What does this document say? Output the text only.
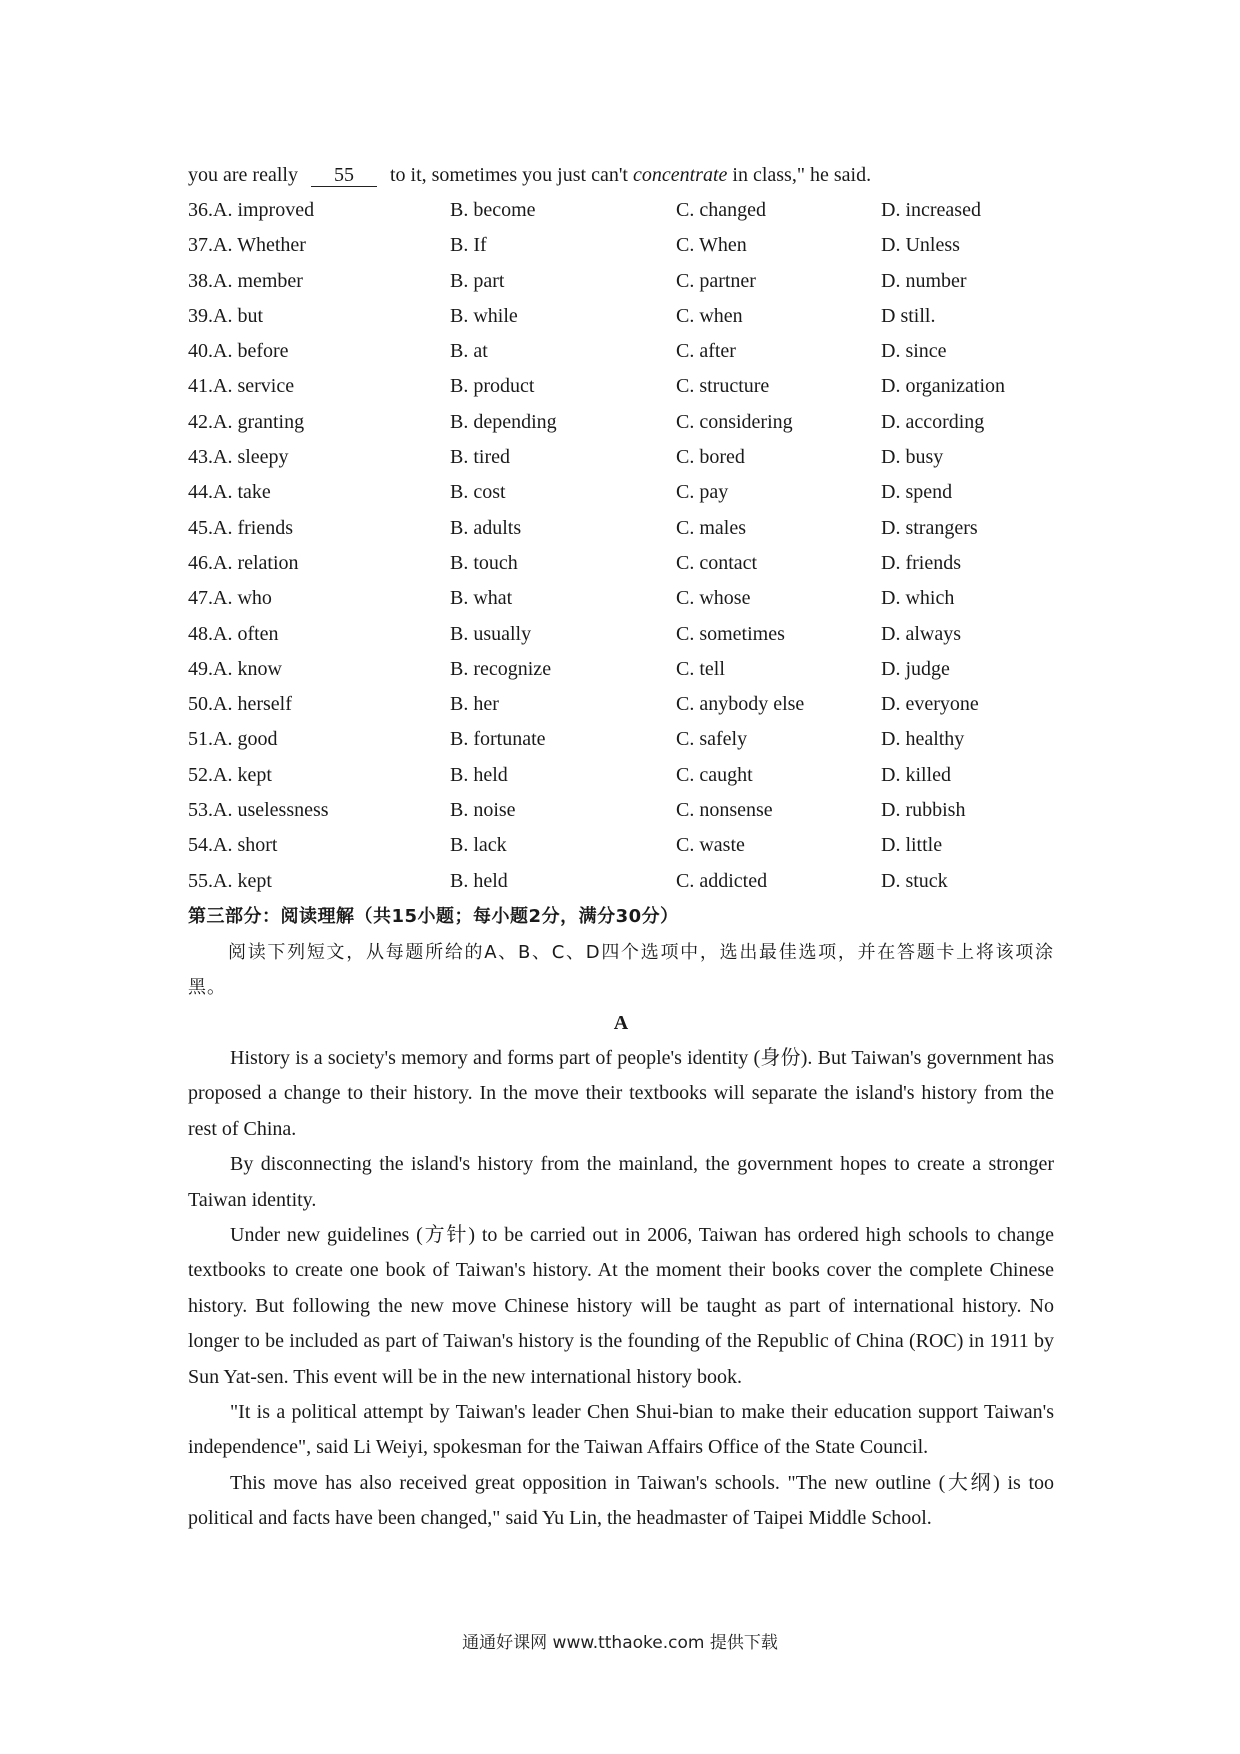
you are really 55 to it, sometimes you just can't concentrate in class," he said.
36.A. improved	B. become	C. changed	D. increased
37.A. Whether	B. If	C. When	D. Unless
38.A. member	B. part	C. partner	D. number
39.A. but	B. while	C. when	D still.
40.A. before	B. at	C. after	D. since
41.A. service	B. product	C. structure	D. organization
42.A. granting	B. depending	C. considering	D. according
43.A. sleepy	B. tired	C. bored	D. busy
44.A. take	B. cost	C. pay	D. spend
45.A. friends	B. adults	C. males	D. strangers
46.A. relation	B. touch	C. contact	D. friends
47.A. who	B. what	C. whose	D. which
48.A. often	B. usually	C. sometimes	D. always
49.A. know	B. recognize	C. tell	D. judge
50.A. herself	B. her	C. anybody else	D. everyone
51.A. good	B. fortunate	C. safely	D. healthy
52.A. kept	B. held	C. caught	D. killed
53.A. uselessness	B. noise	C. nonsense	D. rubbish
54.A. short	B. lack	C. waste	D. little
55.A. kept	B. held	C. addicted	D. stuck
第三部分：阅读理解（共15小题；每小题2分，满分30分）
阅读下列短文，从每题所给的A、B、C、D四个选项中，选出最佳选项，并在答题卡上将该项涂黑。
A

History is a society's memory and forms part of people's identity (身份). But Taiwan's government has proposed a change to their history. In the move their textbooks will separate the island's history from the rest of China.

By disconnecting the island's history from the mainland, the government hopes to create a stronger Taiwan identity.

Under new guidelines (方针) to be carried out in 2006, Taiwan has ordered high schools to change textbooks to create one book of Taiwan's history. At the moment their books cover the complete Chinese history. But following the new move Chinese history will be taught as part of international history. No longer to be included as part of Taiwan's history is the founding of the Republic of China (ROC) in 1911 by Sun Yat-sen. This event will be in the new international history book.

"It is a political attempt by Taiwan's leader Chen Shui-bian to make their education support Taiwan's independence", said Li Weiyi, spokesman for the Taiwan Affairs Office of the State Council.

This move has also received great opposition in Taiwan's schools. "The new outline (大纲) is too political and facts have been changed," said Yu Lin, the headmaster of Taipei Middle School.

通通好课网 www.tthaoke.com 提供下载
